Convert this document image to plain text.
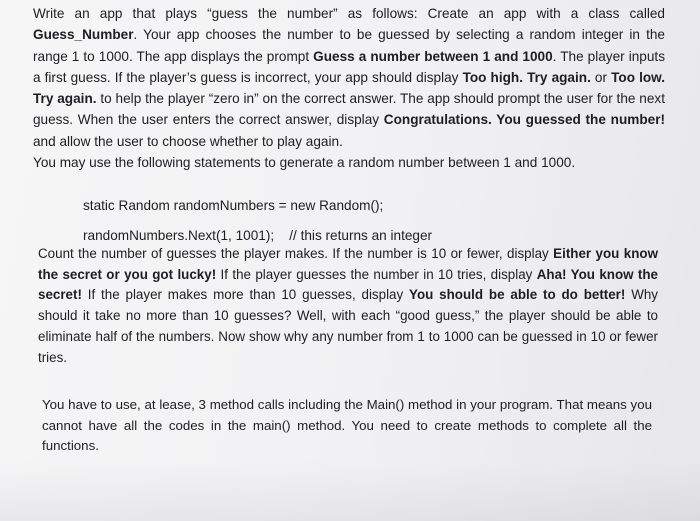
Write an app that plays “guess the number” as follows: Create an app with a class called Guess_Number. Your app chooses the number to be guessed by selecting a random integer in the range 1 to 1000. The app displays the prompt Guess a number between 1 and 1000. The player inputs a first guess. If the player’s guess is incorrect, your app should display Too high. Try again. or Too low. Try again. to help the player “zero in” on the correct answer. The app should prompt the user for the next guess. When the user enters the correct answer, display Congratulations. You guessed the number! and allow the user to choose whether to play again.
You may use the following statements to generate a random number between 1 and 1000.

static Random randomNumbers = new Random();
randomNumbers.Next(1, 1001);    // this returns an integer

Count the number of guesses the player makes. If the number is 10 or fewer, display Either you know the secret or you got lucky! If the player guesses the number in 10 tries, display Aha! You know the secret! If the player makes more than 10 guesses, display You should be able to do better! Why should it take no more than 10 guesses? Well, with each “good guess,” the player should be able to eliminate half of the numbers. Now show why any number from 1 to 1000 can be guessed in 10 or fewer tries.

You have to use, at lease, 3 method calls including the Main() method in your program. That means you cannot have all the codes in the main() method. You need to create methods to complete all the functions.
